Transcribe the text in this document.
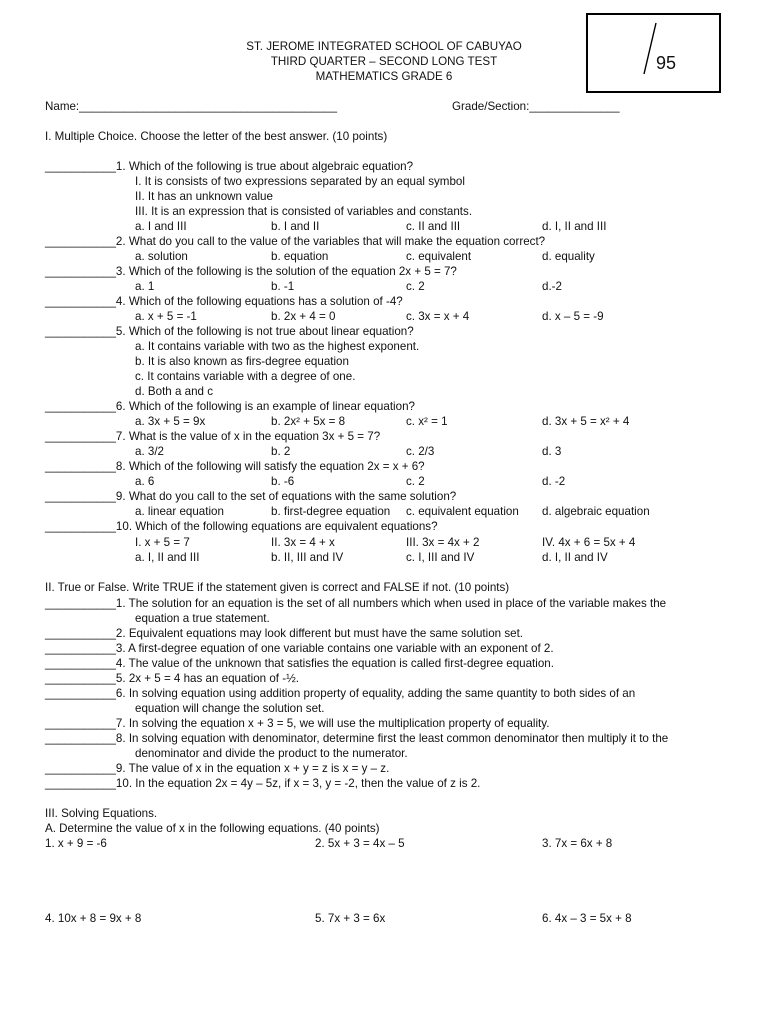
95
ST. JEROME INTEGRATED SCHOOL OF CABUYAO
THIRD QUARTER – SECOND LONG TEST
MATHEMATICS GRADE 6
Name:________________________________________	Grade/Section:______________
I. Multiple Choice. Choose the letter of the best answer. (10 points)
___________1. Which of the following is true about algebraic equation?
I. It is consists of two expressions separated by an equal symbol
II. It has an unknown value
III. It is an expression that is consisted of variables and constants.
a. I and III	b. I and II	c. II and III	d. I, II and III
___________2. What do you call to the value of the variables that will make the equation correct?
a. solution	b. equation	c. equivalent	d. equality
___________3. Which of the following is the solution of the equation 2x + 5 = 7?
a. 1	b. -1	c. 2	d.-2
___________4. Which of the following equations has a solution of -4?
a. x + 5 = -1	b. 2x + 4 = 0	c. 3x = x + 4	d. x – 5 = -9
___________5. Which of the following is not true about linear equation?
a. It contains variable with two as the highest exponent.
b. It is also known as firs-degree equation
c. It contains variable with a degree of one.
d. Both a and c
___________6. Which of the following is an example of linear equation?
a. 3x + 5 = 9x	b. 2x² + 5x = 8	c. x² = 1	d. 3x + 5 = x² + 4
___________7. What is the value of x in the equation 3x + 5 = 7?
a. 3/2	b. 2	c. 2/3	d. 3
___________8. Which of the following will satisfy the equation 2x = x + 6?
a. 6	b. -6	c. 2	d. -2
___________9. What do you call to the set of equations with the same solution?
a. linear equation	b. first-degree equation c. equivalent equation d. algebraic equation
___________10. Which of the following equations are equivalent equations?
I. x + 5 = 7	II. 3x = 4 + x	III. 3x = 4x + 2	IV. 4x + 6 = 5x + 4
a. I, II and III	b. II, III and IV	c. I, III and IV	d. I, II and IV
II. True or False. Write TRUE if the statement given is correct and FALSE if not. (10 points)
___________1. The solution for an equation is the set of all numbers which when used in place of the variable makes the
equation a true statement.
___________2. Equivalent equations may look different but must have the same solution set.
___________3. A first-degree equation of one variable contains one variable with an exponent of 2.
___________4. The value of the unknown that satisfies the equation is called first-degree equation.
___________5. 2x + 5 = 4 has an equation of -½.
___________6. In solving equation using addition property of equality, adding the same quantity to both sides of an
equation will change the solution set.
___________7. In solving the equation x + 3 = 5, we will use the multiplication property of equality.
___________8. In solving equation with denominator, determine first the least common denominator then multiply it to the
denominator and divide the product to the numerator.
___________9. The value of x in the equation x + y = z is x = y – z.
___________10. In the equation 2x = 4y – 5z, if x = 3, y = -2, then the value of z is 2.
III. Solving Equations.
A. Determine the value of x in the following equations. (40 points)
1. x + 9 = -6	2. 5x + 3 = 4x – 5	3. 7x = 6x + 8
4. 10x + 8 = 9x + 8	5. 7x + 3 = 6x	6. 4x – 3 = 5x + 8
